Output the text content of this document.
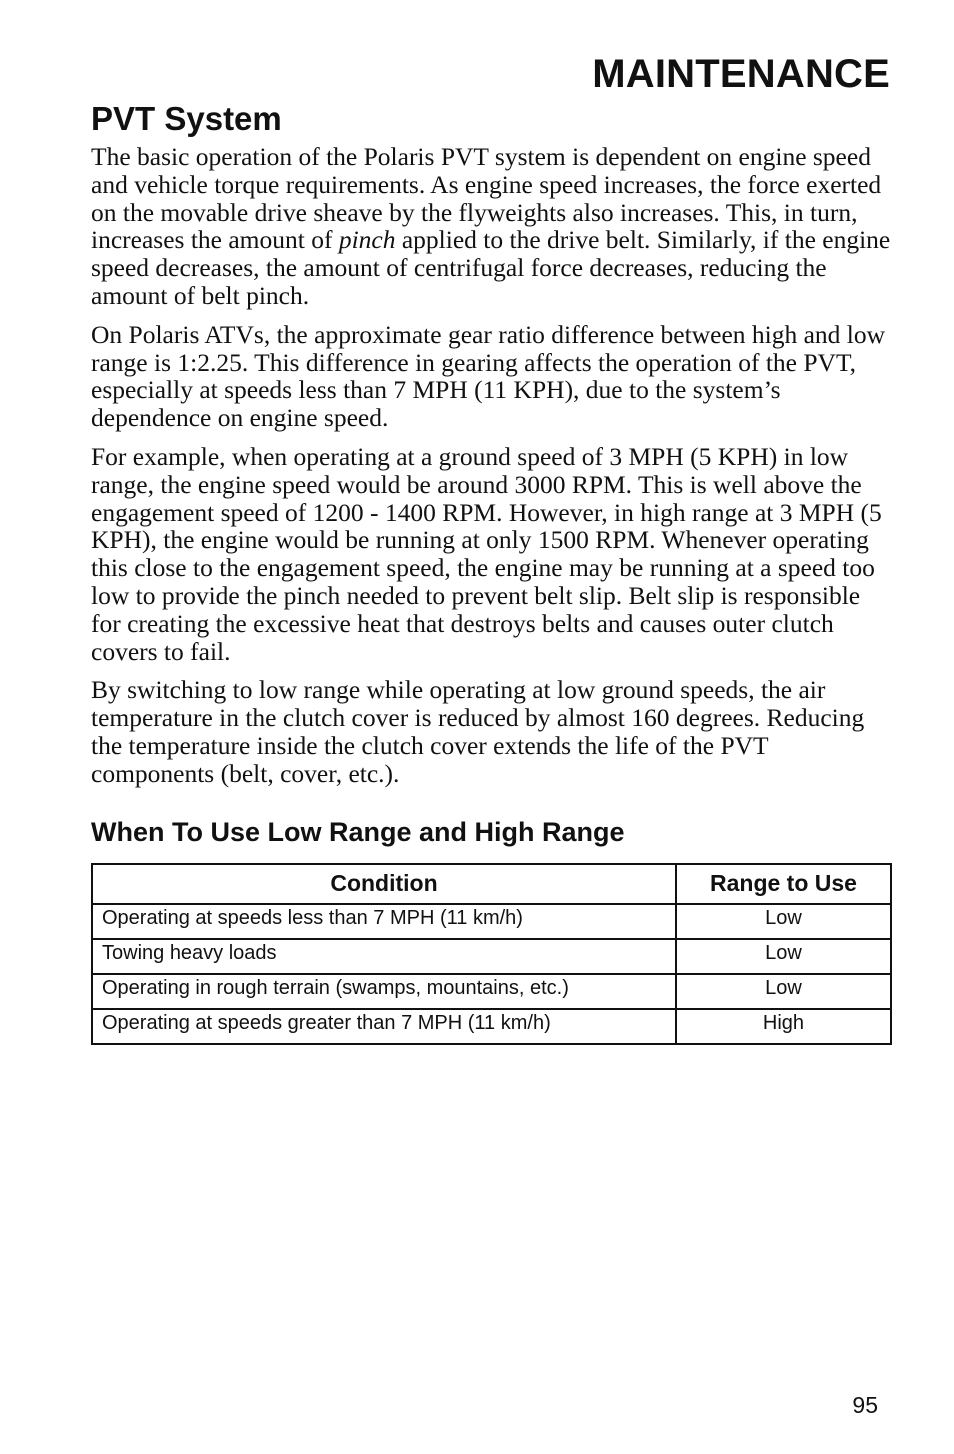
MAINTENANCE
PVT System

The basic operation of the Polaris PVT system is dependent on engine speed and vehicle torque requirements. As engine speed increases, the force exerted on the movable drive sheave by the flyweights also increases. This, in turn, increases the amount of pinch applied to the drive belt. Similarly, if the engine speed decreases, the amount of centrifugal force decreases, reducing the amount of belt pinch.

On Polaris ATVs, the approximate gear ratio difference between high and low range is 1:2.25. This difference in gearing affects the operation of the PVT, especially at speeds less than 7 MPH (11 KPH), due to the system’s dependence on engine speed.

For example, when operating at a ground speed of 3 MPH (5 KPH) in low range, the engine speed would be around 3000 RPM. This is well above the engagement speed of 1200 - 1400 RPM. However, in high range at 3 MPH (5 KPH), the engine would be running at only 1500 RPM. Whenever operating this close to the engagement speed, the engine may be running at a speed too low to provide the pinch needed to prevent belt slip. Belt slip is responsible for creating the excessive heat that destroys belts and causes outer clutch covers to fail.

By switching to low range while operating at low ground speeds, the air temperature in the clutch cover is reduced by almost 160 degrees. Reducing the temperature inside the clutch cover extends the life of the PVT components (belt, cover, etc.).

When To Use Low Range and High Range
Condition	Range to Use
Operating at speeds less than 7 MPH (11 km/h)	Low
Towing heavy loads	Low
Operating in rough terrain (swamps, mountains, etc.)	Low
Operating at speeds greater than 7 MPH (11 km/h)	High

95
